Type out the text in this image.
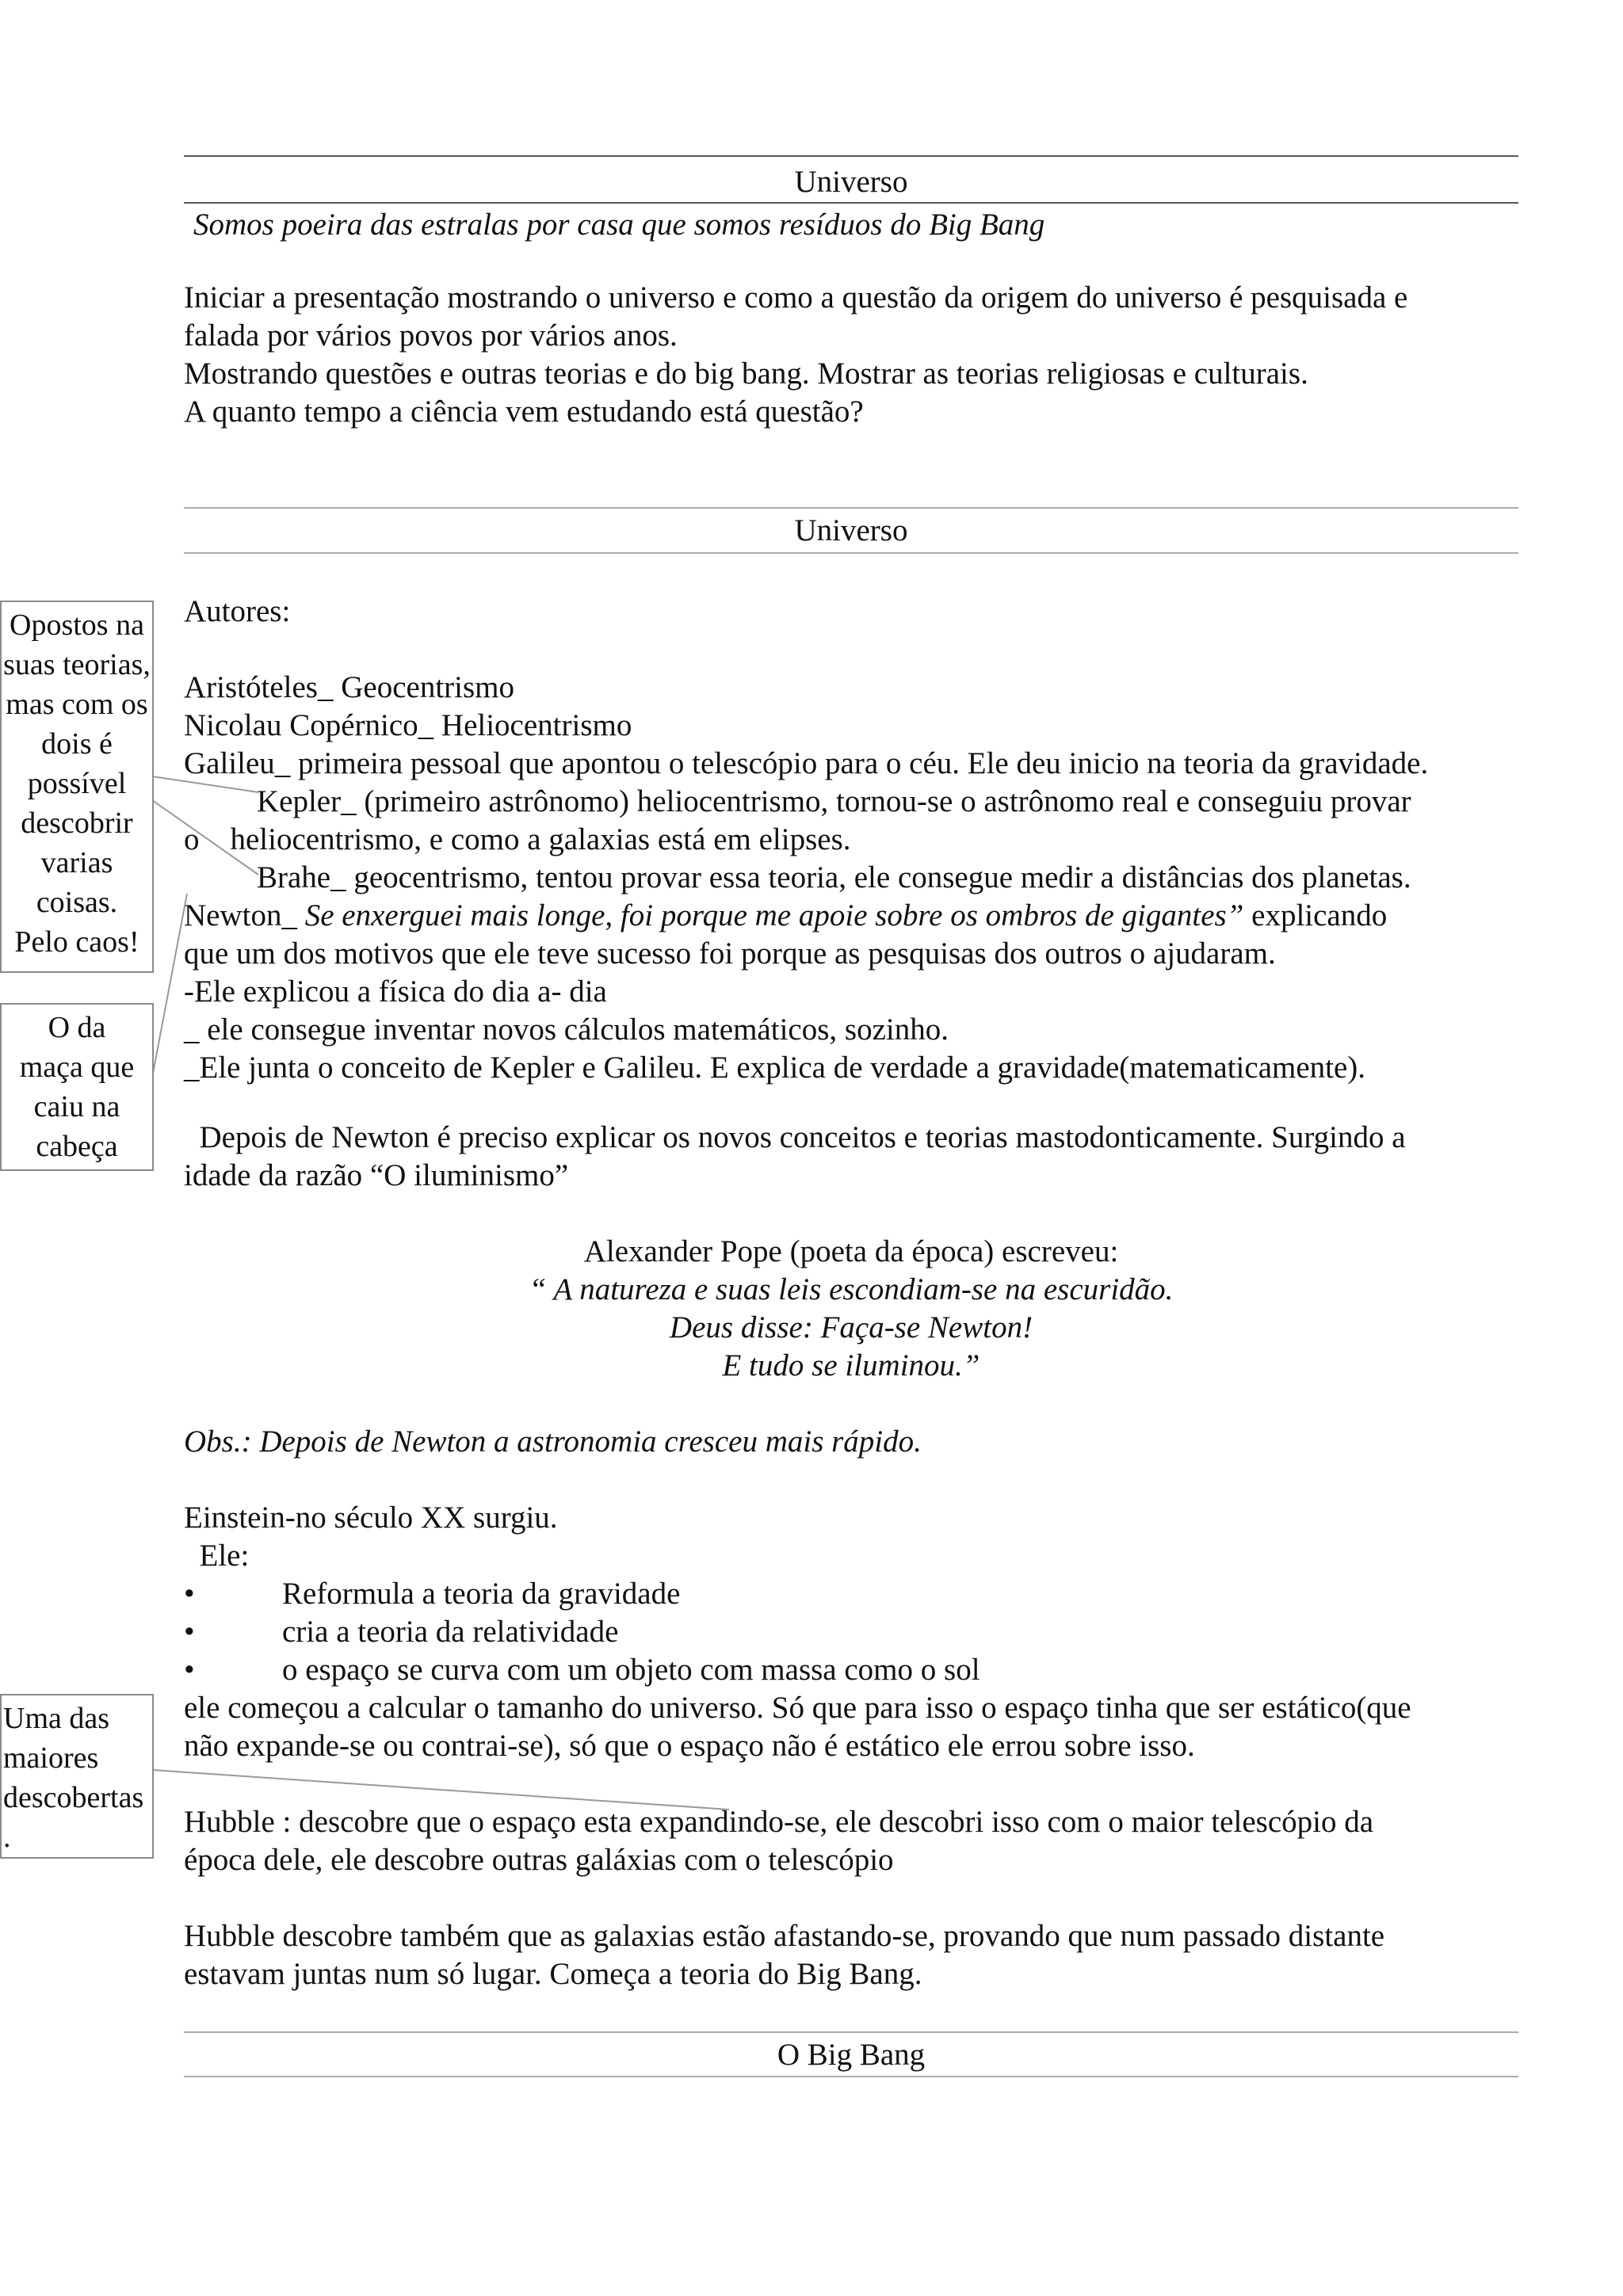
Universo
Somos poeira das estralas por casa que somos resíduos do Big Bang

Iniciar a presentação mostrando o universo e como a questão da origem do universo é pesquisada e

falada por vários povos por vários anos.

Mostrando questões e outras teorias e do big bang. Mostrar as teorias religiosas e culturais.

A quanto tempo a ciência vem estudando está questão?

Universo
Autores:

Aristóteles_ Geocentrismo

Nicolau Copérnico_ Heliocentrismo

Galileu_ primeira pessoal que apontou o telescópio para o céu. Ele deu inicio na teoria da gravidade.

Kepler_ (primeiro astrônomo) heliocentrismo, tornou-se o astrônomo real e conseguiu provar

o    heliocentrismo, e como a galaxias está em elipses.

Brahe_ geocentrismo, tentou provar essa teoria, ele consegue medir a distâncias dos planetas.

Newton_ Se enxerguei mais longe, foi porque me apoie sobre os ombros de gigantes” explicando

que um dos motivos que ele teve sucesso foi porque as pesquisas dos outros o ajudaram.

-Ele explicou a física do dia a- dia

_ ele consegue inventar novos cálculos matemáticos, sozinho.

_Ele junta o conceito de Kepler e Galileu. E explica de verdade a gravidade(matematicamente).

Depois de Newton é preciso explicar os novos conceitos e teorias mastodonticamente. Surgindo a

idade da razão “O iluminismo”

Alexander Pope (poeta da época) escreveu:

“ A natureza e suas leis escondiam-se na escuridão.

Deus disse: Faça-se Newton!

E tudo se iluminou.”

Obs.: Depois de Newton a astronomia cresceu mais rápido.

Einstein-no século XX surgiu.

Ele:

•	Reformula a teoria da gravidade
•	cria a teoria da relatividade
•	o espaço se curva com um objeto com massa como o sol

ele começou a calcular o tamanho do universo. Só que para isso o espaço tinha que ser estático(que

não expande-se ou contrai-se), só que o espaço não é estático ele errou sobre isso.

Hubble : descobre que o espaço esta expandindo-se, ele descobri isso com o maior telescópio da

época dele, ele descobre outras galáxias com o telescópio

Hubble descobre também que as galaxias estão afastando-se, provando que num passado distante

estavam juntas num só lugar. Começa a teoria do Big Bang.

O Big Bang
Opostos na
suas teorias,
mas com os
dois é
possível
descobrir
varias
coisas.
Pelo caos!
O da
maça que
caiu na
cabeça
Uma das
maiores
descobertas
.
